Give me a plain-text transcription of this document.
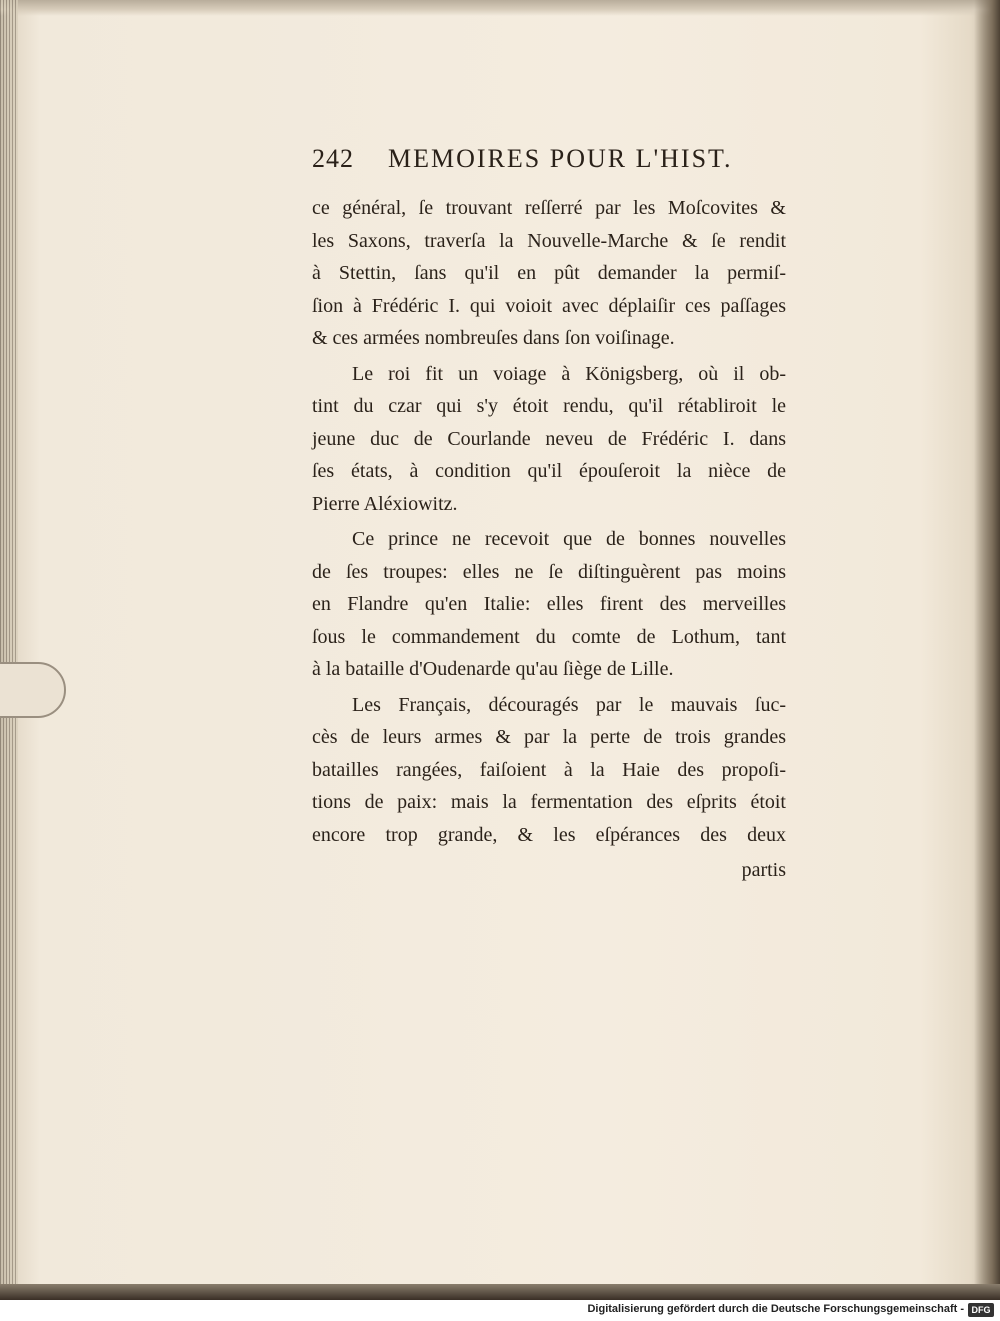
242 MEMOIRES POUR L'HIST.
ce général, ſe trouvant reſſerré par les Moſcovites &
les Saxons, traverſa la Nouvelle-Marche & ſe rendit
à Stettin, ſans qu'il en pût demander la permiſ-
ſion à Frédéric I. qui voioit avec déplaiſir ces paſſages
& ces armées nombreuſes dans ſon voiſinage.
Le roi fit un voiage à Königsberg, où il ob-
tint du czar qui s'y étoit rendu, qu'il rétabliroit le
jeune duc de Courlande neveu de Frédéric I. dans
ſes états, à condition qu'il épouſeroit la nièce de
Pierre Aléxiowitz.
Ce prince ne recevoit que de bonnes nouvelles
de ſes troupes: elles ne ſe diſtinguèrent pas moins
en Flandre qu'en Italie: elles firent des merveilles
ſous le commandement du comte de Lothum, tant
à la bataille d'Oudenarde qu'au ſiège de Lille.
Les Français, découragés par le mauvais ſuc-
cès de leurs armes & par la perte de trois grandes
batailles rangées, faiſoient à la Haie des propoſi-
tions de paix: mais la fermentation des eſprits étoit
encore trop grande, & les eſpérances des deux
partis
Digitalisierung gefördert durch die Deutsche Forschungsgemeinschaft - DFG
